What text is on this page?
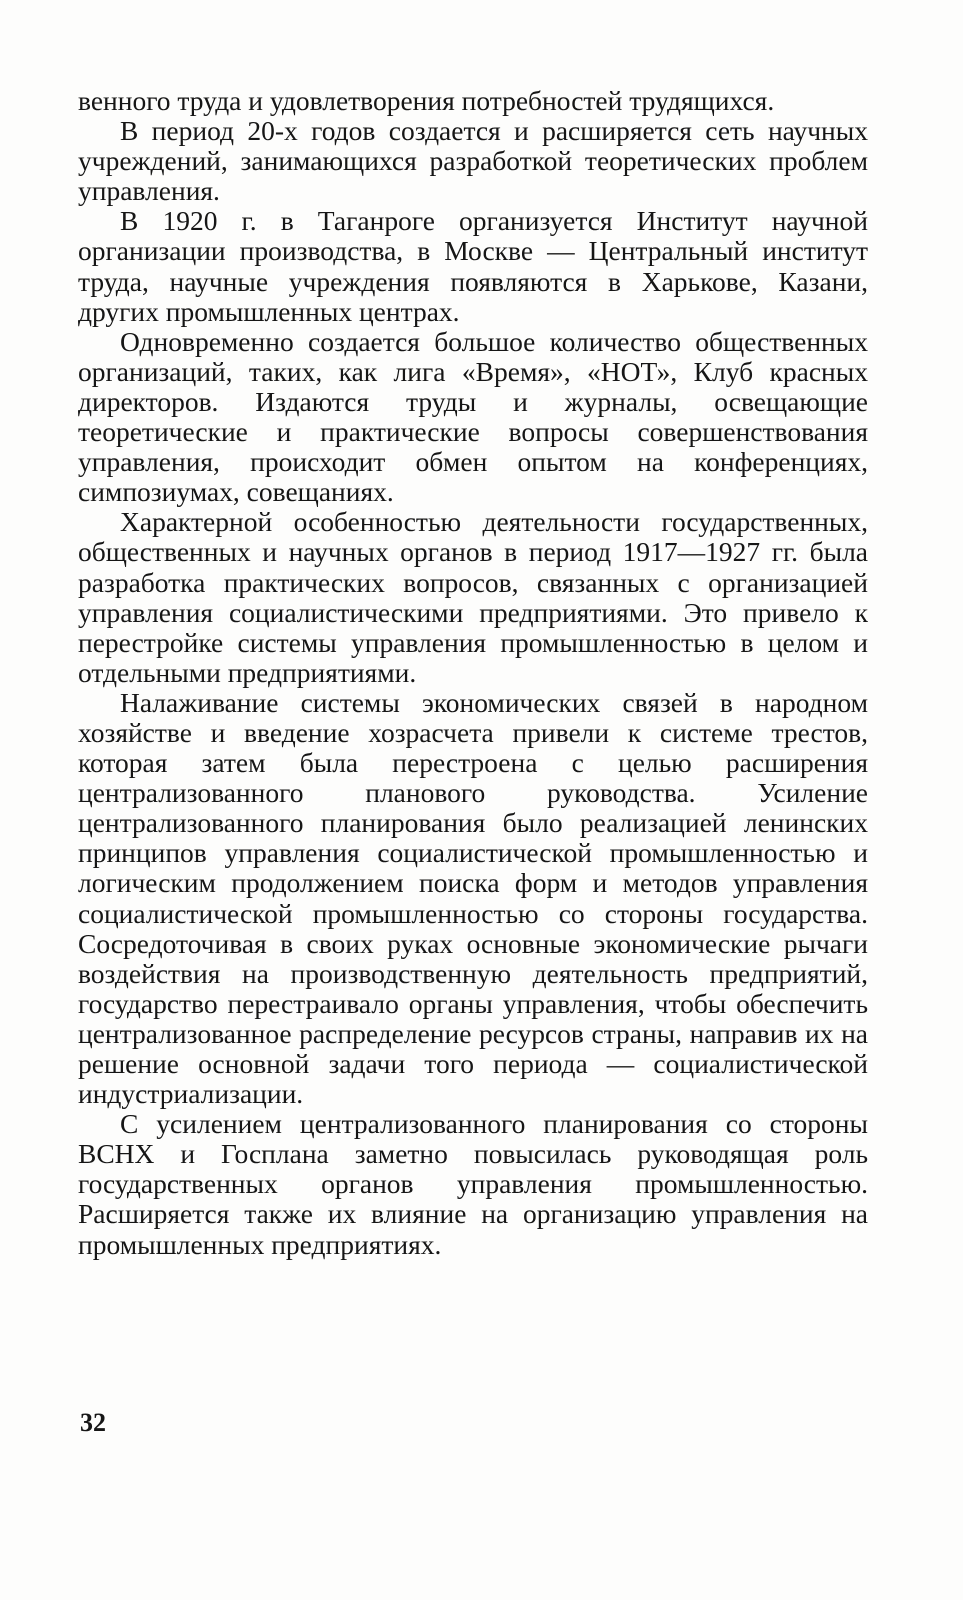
венного труда и удовлетворения потребностей трудящихся.

В период 20-х годов создается и расширяется сеть научных учреждений, занимающихся разработкой теоретических проблем управления.

В 1920 г. в Таганроге организуется Институт научной организации производства, в Москве — Центральный институт труда, научные учреждения появляются в Харькове, Казани, других промышленных центрах.

Одновременно создается большое количество общественных организаций, таких, как лига «Время», «НОТ», Клуб красных директоров. Издаются труды и журналы, освещающие теоретические и практические вопросы совершенствования управления, происходит обмен опытом на конференциях, симпозиумах, совещаниях.

Характерной особенностью деятельности государственных, общественных и научных органов в период 1917—1927 гг. была разработка практических вопросов, связанных с организацией управления социалистическими предприятиями. Это привело к перестройке системы управления промышленностью в целом и отдельными предприятиями.

Налаживание системы экономических связей в народном хозяйстве и введение хозрасчета привели к системе трестов, которая затем была перестроена с целью расширения централизованного планового руководства. Усиление централизованного планирования было реализацией ленинских принципов управления социалистической промышленностью и логическим продолжением поиска форм и методов управления социалистической промышленностью со стороны государства. Сосредоточивая в своих руках основные экономические рычаги воздействия на производственную деятельность предприятий, государство перестраивало органы управления, чтобы обеспечить централизованное распределение ресурсов страны, направив их на решение основной задачи того периода — социалистической индустриализации.

С усилением централизованного планирования со стороны ВСНХ и Госплана заметно повысилась руководящая роль государственных органов управления промышленностью. Расширяется также их влияние на организацию управления на промышленных предприятиях.

32
